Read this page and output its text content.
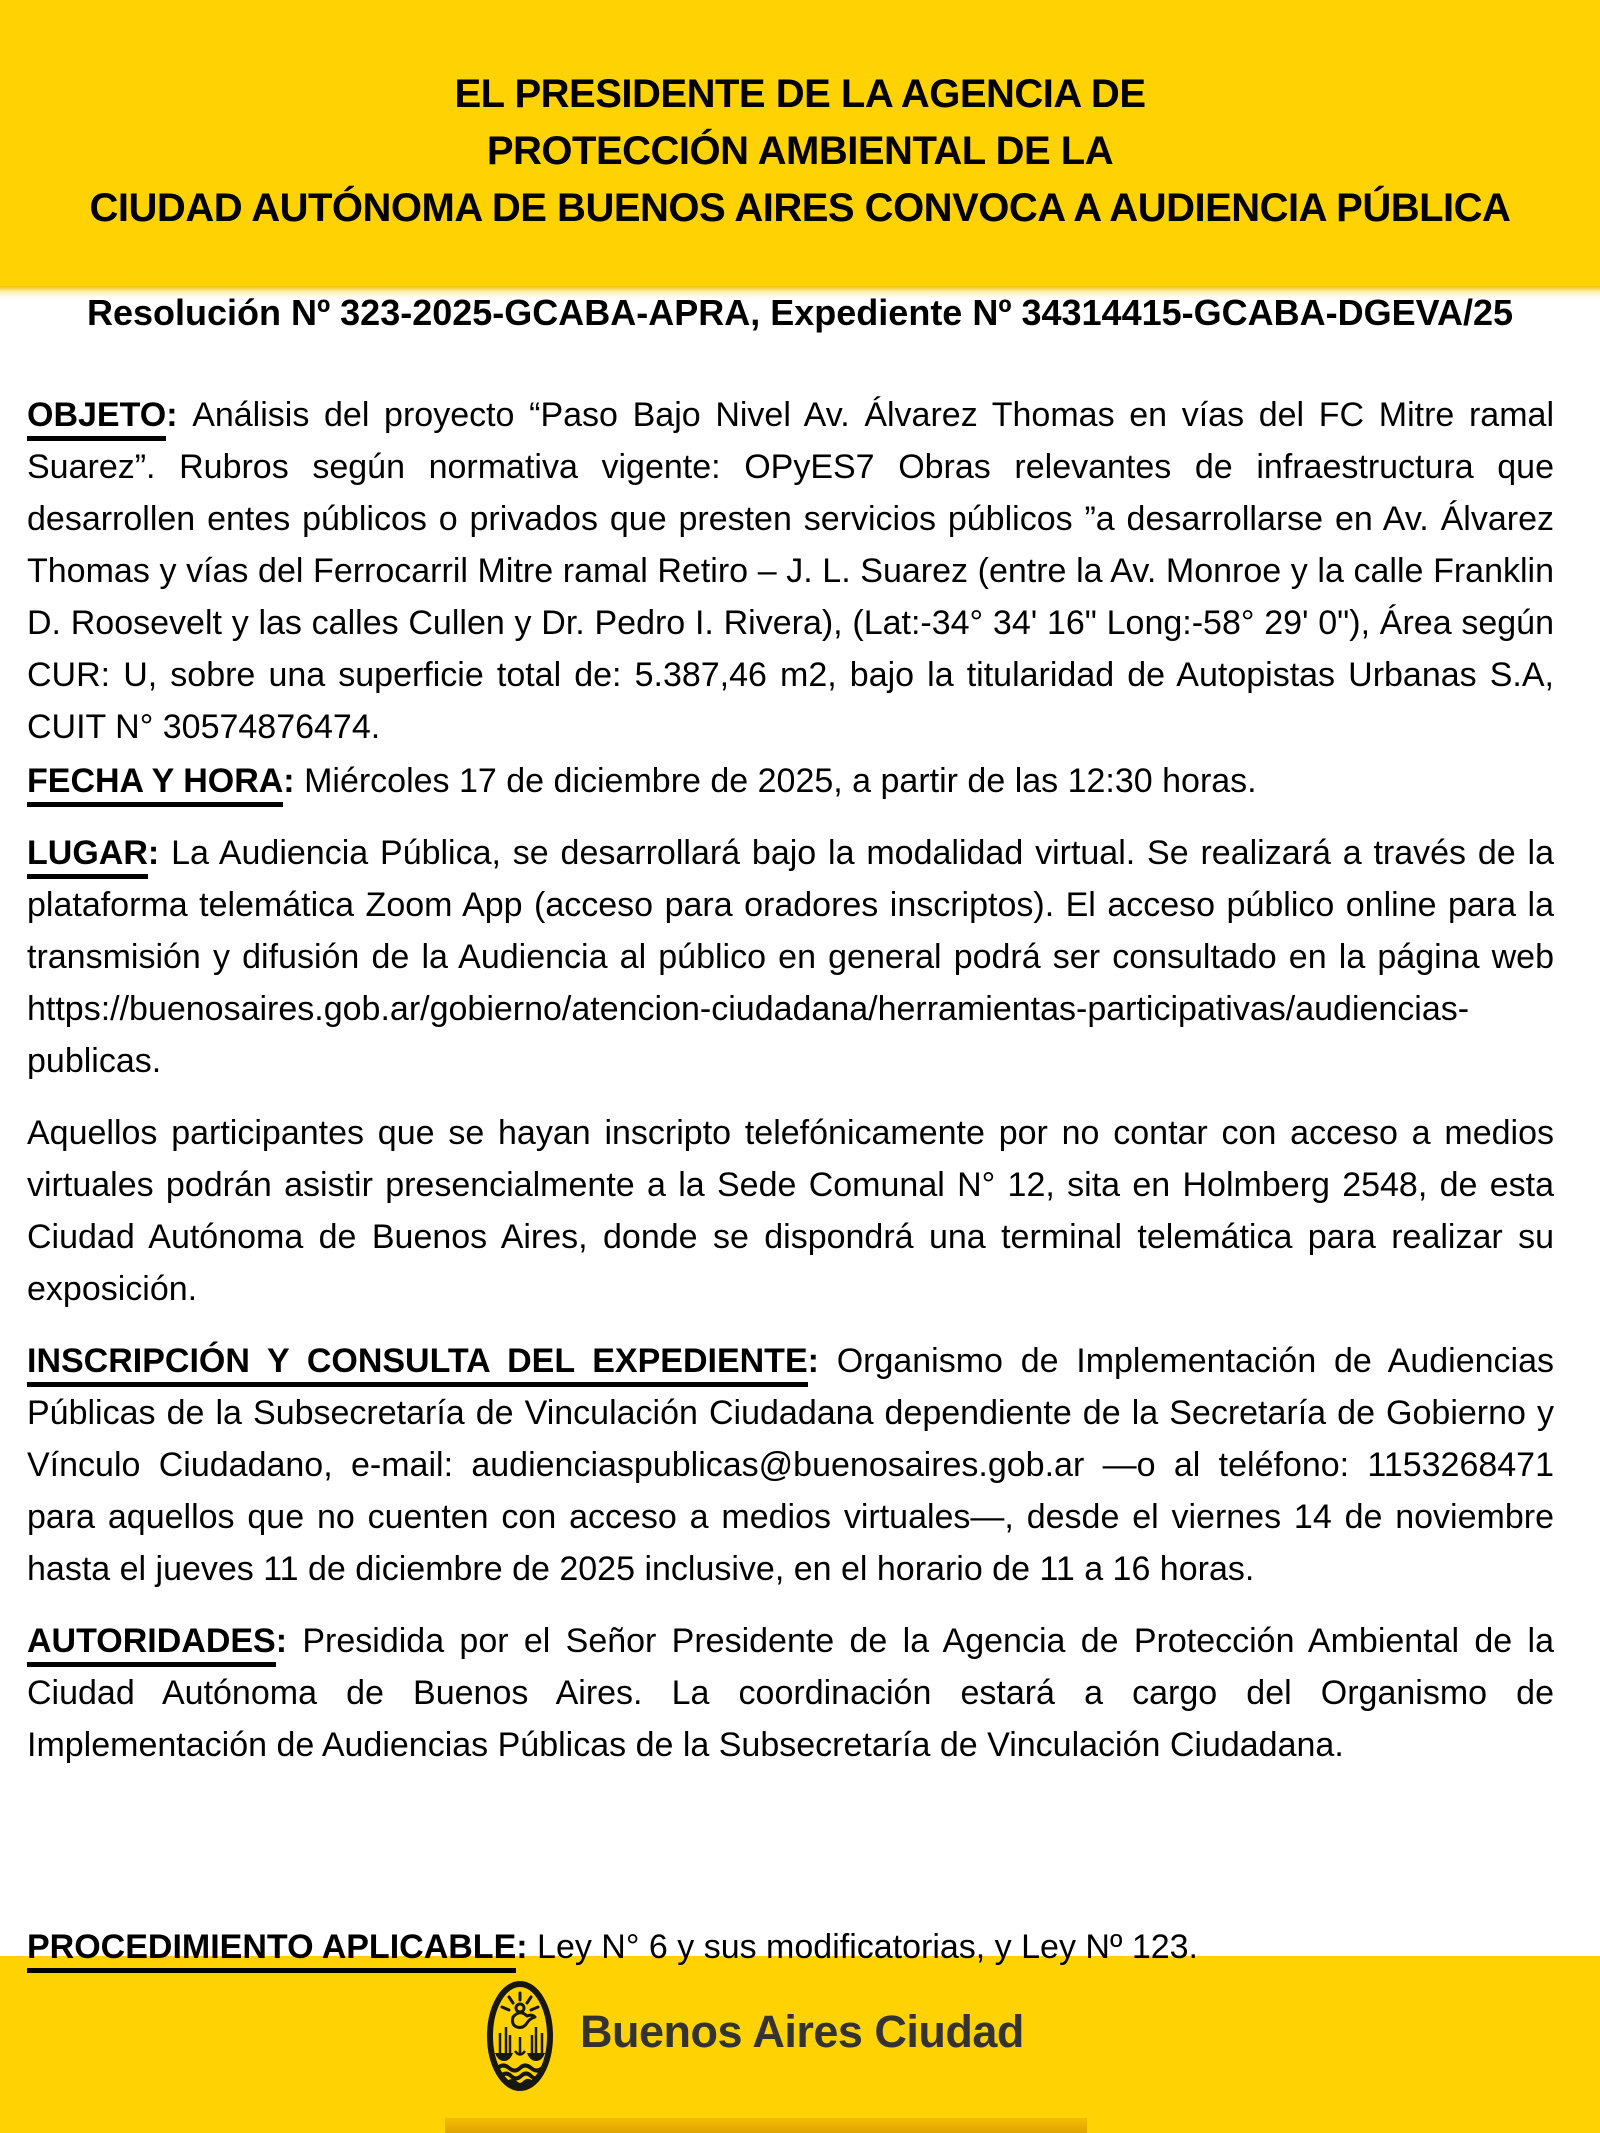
EL PRESIDENTE DE LA AGENCIA DE
PROTECCIÓN AMBIENTAL DE LA
CIUDAD AUTÓNOMA DE BUENOS AIRES CONVOCA A AUDIENCIA PÚBLICA
Resolución Nº 323-2025-GCABA-APRA, Expediente Nº 34314415-GCABA-DGEVA/25

OBJETO: Análisis del proyecto “Paso Bajo Nivel Av. Álvarez Thomas en vías del FC Mitre ramal Suarez”. Rubros según normativa vigente: OPyES7 Obras relevantes de infraestructura que desarrollen entes públicos o privados que presten servicios públicos ”a desarrollarse en Av. Álvarez Thomas y vías del Ferrocarril Mitre ramal Retiro – J. L. Suarez (entre la Av. Monroe y la calle Franklin D. Roosevelt y las calles Cullen y Dr. Pedro I. Rivera), (Lat:-34° 34' 16" Long:-58° 29' 0"), Área según CUR: U, sobre una superficie total de: 5.387,46 m2, bajo la titularidad de Autopistas Urbanas S.A, CUIT N° 30574876474.

FECHA Y HORA: Miércoles 17 de diciembre de 2025, a partir de las 12:30 horas.

LUGAR: La Audiencia Pública, se desarrollará bajo la modalidad virtual. Se realizará a través de la plataforma telemática Zoom App (acceso para oradores inscriptos). El acceso público online para la transmisión y difusión de la Audiencia al público en general podrá ser consultado en la página web https://buenosaires.gob.ar/gobierno/atencion-ciudadana/herramientas-participativas/audiencias-publicas.

Aquellos participantes que se hayan inscripto telefónicamente por no contar con acceso a medios virtuales podrán asistir presencialmente a la Sede Comunal N° 12, sita en Holmberg 2548, de esta Ciudad Autónoma de Buenos Aires, donde se dispondrá una terminal telemática para realizar su exposición.

INSCRIPCIÓN Y CONSULTA DEL EXPEDIENTE: Organismo de Implementación de Audiencias Públicas de la Subsecretaría de Vinculación Ciudadana dependiente de la Secretaría de Gobierno y Vínculo Ciudadano, e-mail: audienciaspublicas@buenosaires.gob.ar —o al teléfono: 1153268471 para aquellos que no cuenten con acceso a medios virtuales—, desde el viernes 14 de noviembre hasta el jueves 11 de diciembre de 2025 inclusive, en el horario de 11 a 16 horas.

AUTORIDADES: Presidida por el Señor Presidente de la Agencia de Protección Ambiental de la Ciudad Autónoma de Buenos Aires. La coordinación estará a cargo del Organismo de Implementación de Audiencias Públicas de la Subsecretaría de Vinculación Ciudadana.

PROCEDIMIENTO APLICABLE: Ley N° 6 y sus modificatorias, y Ley Nº 123.

Buenos Aires Ciudad
